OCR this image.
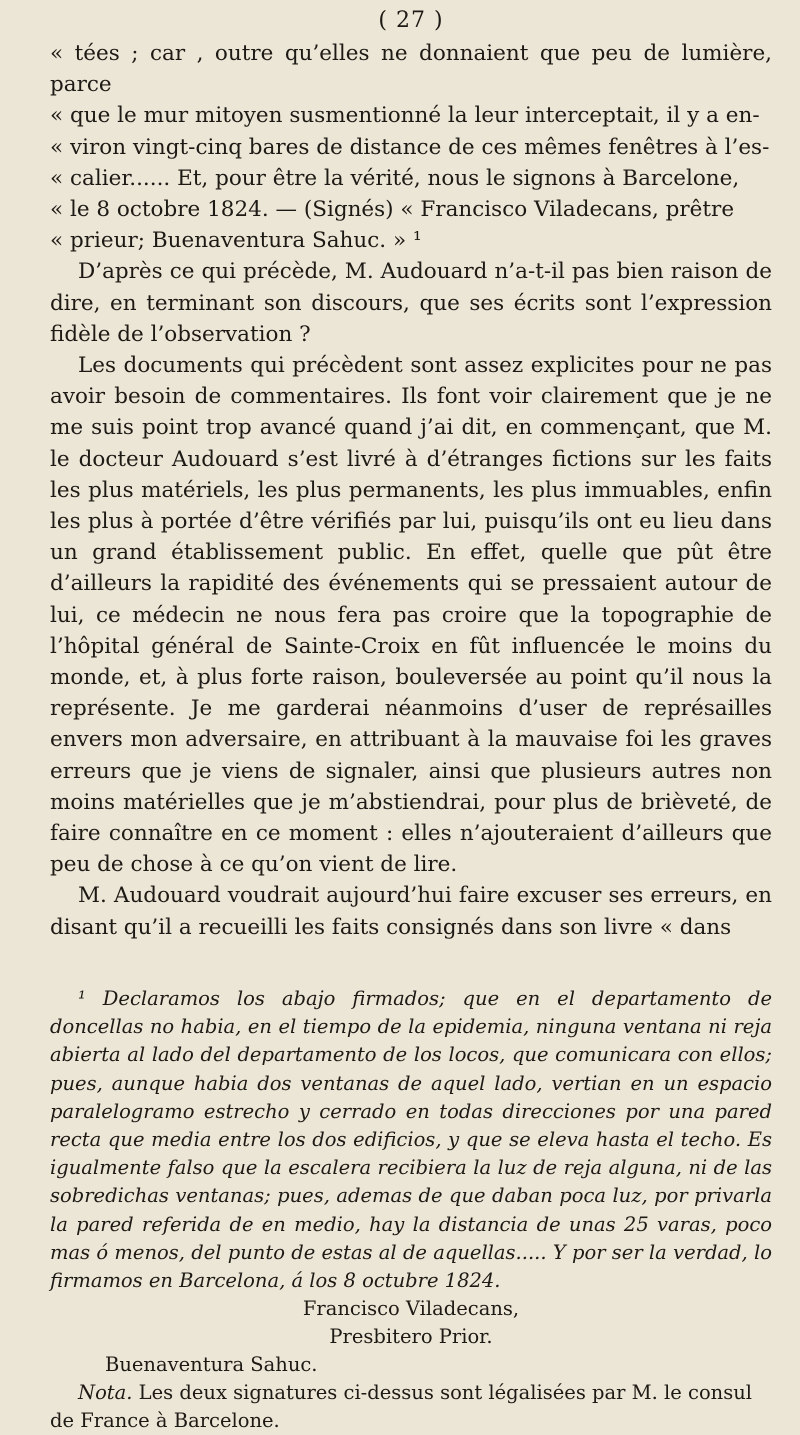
( 27 )

« tées ; car , outre qu’elles ne donnaient que peu de lumière, parce

« que le mur mitoyen susmentionné la leur interceptait, il y a en-

« viron vingt-cinq bares de distance de ces mêmes fenêtres à l’es-

« calier...... Et, pour être la vérité, nous le signons à Barcelone,

« le 8 octobre 1824. — (Signés) « Francisco Viladecans, prêtre

« prieur; Buenaventura Sahuc. » ¹

D’après ce qui précède, M. Audouard n’a-t-il pas bien raison de dire, en terminant son discours, que ses écrits sont l’expression fidèle de l’observation ?

Les documents qui précèdent sont assez explicites pour ne pas avoir besoin de commentaires. Ils font voir clairement que je ne me suis point trop avancé quand j’ai dit, en commençant, que M. le docteur Audouard s’est livré à d’étranges fictions sur les faits les plus matériels, les plus permanents, les plus immuables, enfin les plus à portée d’être vérifiés par lui, puisqu’ils ont eu lieu dans un grand établissement public. En effet, quelle que pût être d’ailleurs la rapidité des événements qui se pressaient autour de lui, ce médecin ne nous fera pas croire que la topographie de l’hôpital général de Sainte-Croix en fût influencée le moins du monde, et, à plus forte raison, bouleversée au point qu’il nous la représente. Je me garderai néanmoins d’user de représailles envers mon adversaire, en attribuant à la mauvaise foi les graves erreurs que je viens de signaler, ainsi que plusieurs autres non moins matérielles que je m’abstiendrai, pour plus de brièveté, de faire connaître en ce moment : elles n’ajouteraient d’ailleurs que peu de chose à ce qu’on vient de lire.

M. Audouard voudrait aujourd’hui faire excuser ses erreurs, en disant qu’il a recueilli les faits consignés dans son livre « dans

¹ Declaramos los abajo firmados; que en el departamento de doncellas no habia, en el tiempo de la epidemia, ninguna ventana ni reja abierta al lado del departamento de los locos, que comunicara con ellos; pues, aunque habia dos ventanas de aquel lado, vertian en un espacio paralelogramo estrecho y cerrado en todas direcciones por una pared recta que media entre los dos edificios, y que se eleva hasta el techo. Es igualmente falso que la escalera recibiera la luz de reja alguna, ni de las sobredichas ventanas; pues, ademas de que daban poca luz, por privarla la pared referida de en medio, hay la distancia de unas 25 varas, poco mas ó menos, del punto de estas al de aquellas..... Y por ser la verdad, lo firmamos en Barcelona, á los 8 octubre 1824.

Francisco Viladecans,

Presbitero Prior.

Buenaventura Sahuc.

Nota. Les deux signatures ci-dessus sont légalisées par M. le consul de France à Barcelone.
